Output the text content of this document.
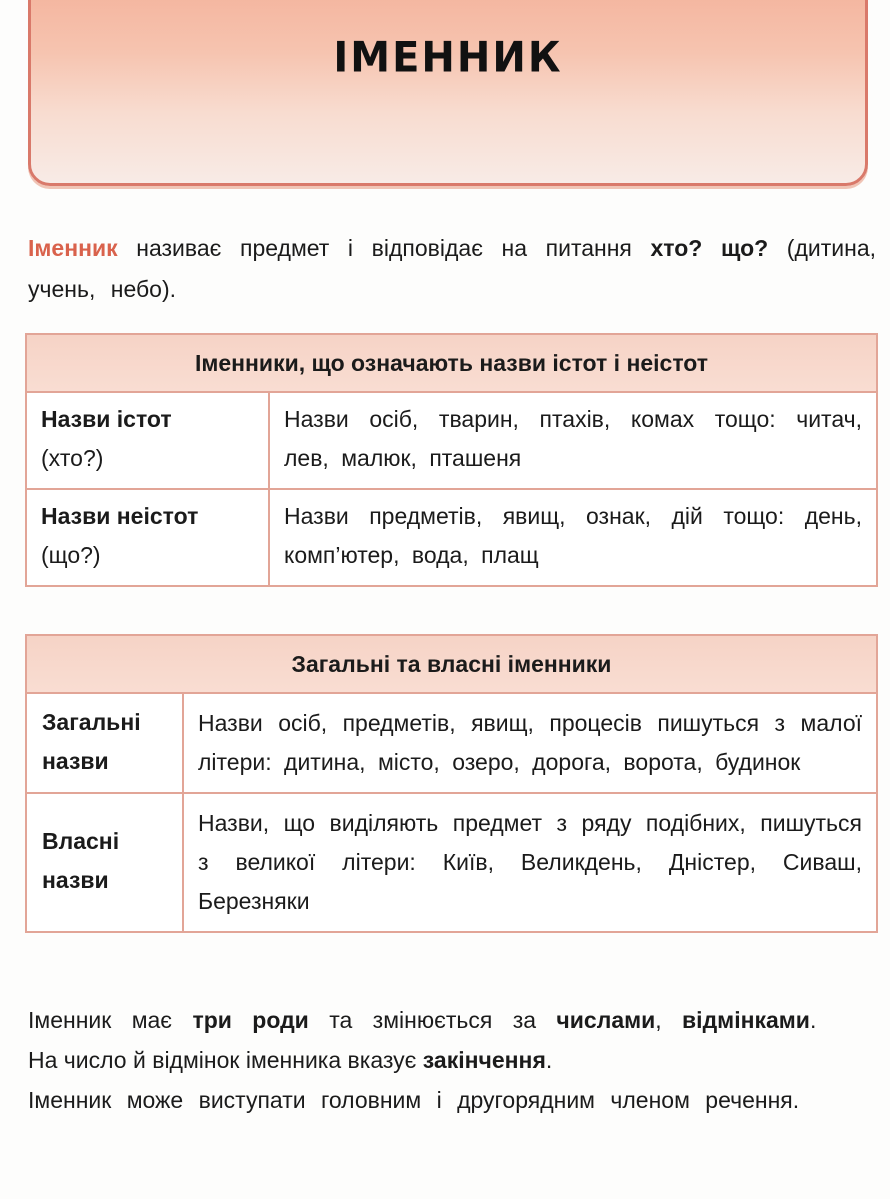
ІМЕННИК
Іменник називає предмет і відповідає на питання хто? що? (дитина, учень, небо).
Іменники, що означають назви істот і неістот	
Назви істот
(хто?)	Назви осіб, тварин, птахів, комах тощо: читач, лев, малюк, пташеня
Назви неістот
(що?)	Назви предметів, явищ, ознак, дій тощо: день, комп’ютер, вода, плащ
Загальні та власні іменники	

Загальні
назви	Назви осіб, предметів, явищ, процесів пишуться з малої літери: дитина, місто, озеро, дорога, ворота, будинок

Власні
назви	Назви, що виділяють предмет з ряду подібних, пишуться з великої літери: Київ, Великдень, Дністер, Сиваш, Березняки

Іменник має три роди та змінюється за числами, відмінками.

На число й відмінок іменника вказує закінчення.

Іменник може виступати головним і другорядним членом речення.
